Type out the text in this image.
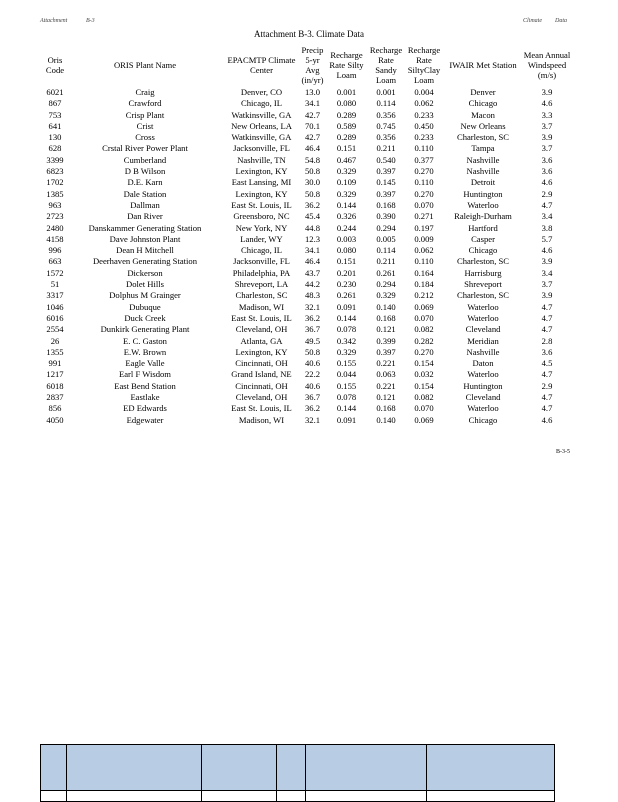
Attachment	B-3	Climate Data
Attachment B-3. Climate Data
Oris Code	ORIS Plant Name	EPACMTP Climate Center	Precip 5-yr Avg (in/yr)	Recharge Rate Silty Loam	Recharge Rate Sandy Loam	Recharge Rate SiltyClay Loam	IWAIR Met Station	Mean Annual Windspeed (m/s)
6021	Craig	Denver, CO	13.0	0.001	0.001	0.004	Denver	3.9
867	Crawford	Chicago, IL	34.1	0.080	0.114	0.062	Chicago	4.6
753	Crisp Plant	Watkinsville, GA	42.7	0.289	0.356	0.233	Macon	3.3
641	Crist	New Orleans, LA	70.1	0.589	0.745	0.450	New Orleans	3.7
130	Cross	Watkinsville, GA	42.7	0.289	0.356	0.233	Charleston, SC	3.9
628	Crstal River Power Plant	Jacksonville, FL	46.4	0.151	0.211	0.110	Tampa	3.7
3399	Cumberland	Nashville, TN	54.8	0.467	0.540	0.377	Nashville	3.6
6823	D B Wilson	Lexington, KY	50.8	0.329	0.397	0.270	Nashville	3.6
1702	D.E. Karn	East Lansing, MI	30.0	0.109	0.145	0.110	Detroit	4.6
1385	Dale Station	Lexington, KY	50.8	0.329	0.397	0.270	Huntington	2.9
963	Dallman	East St. Louis, IL	36.2	0.144	0.168	0.070	Waterloo	4.7
2723	Dan River	Greensboro, NC	45.4	0.326	0.390	0.271	Raleigh-Durham	3.4
2480	Danskammer Generating Station	New York, NY	44.8	0.244	0.294	0.197	Hartford	3.8
4158	Dave Johnston Plant	Lander, WY	12.3	0.003	0.005	0.009	Casper	5.7
996	Dean H Mitchell	Chicago, IL	34.1	0.080	0.114	0.062	Chicago	4.6
663	Deerhaven Generating Station	Jacksonville, FL	46.4	0.151	0.211	0.110	Charleston, SC	3.9
1572	Dickerson	Philadelphia, PA	43.7	0.201	0.261	0.164	Harrisburg	3.4
51	Dolet Hills	Shreveport, LA	44.2	0.230	0.294	0.184	Shreveport	3.7
3317	Dolphus M Grainger	Charleston, SC	48.3	0.261	0.329	0.212	Charleston, SC	3.9
1046	Dubuque	Madison, WI	32.1	0.091	0.140	0.069	Waterloo	4.7
6016	Duck Creek	East St. Louis, IL	36.2	0.144	0.168	0.070	Waterloo	4.7
2554	Dunkirk Generating Plant	Cleveland, OH	36.7	0.078	0.121	0.082	Cleveland	4.7
26	E. C. Gaston	Atlanta, GA	49.5	0.342	0.399	0.282	Meridian	2.8
1355	E.W. Brown	Lexington, KY	50.8	0.329	0.397	0.270	Nashville	3.6
991	Eagle Valle	Cincinnati, OH	40.6	0.155	0.221	0.154	Daton	4.5
1217	Earl F Wisdom	Grand Island, NE	22.2	0.044	0.063	0.032	Waterloo	4.7
6018	East Bend Station	Cincinnati, OH	40.6	0.155	0.221	0.154	Huntington	2.9
2837	Eastlake	Cleveland, OH	36.7	0.078	0.121	0.082	Cleveland	4.7
856	ED Edwards	East St. Louis, IL	36.2	0.144	0.168	0.070	Waterloo	4.7
4050	Edgewater	Madison, WI	32.1	0.091	0.140	0.069	Chicago	4.6
B-3-5
